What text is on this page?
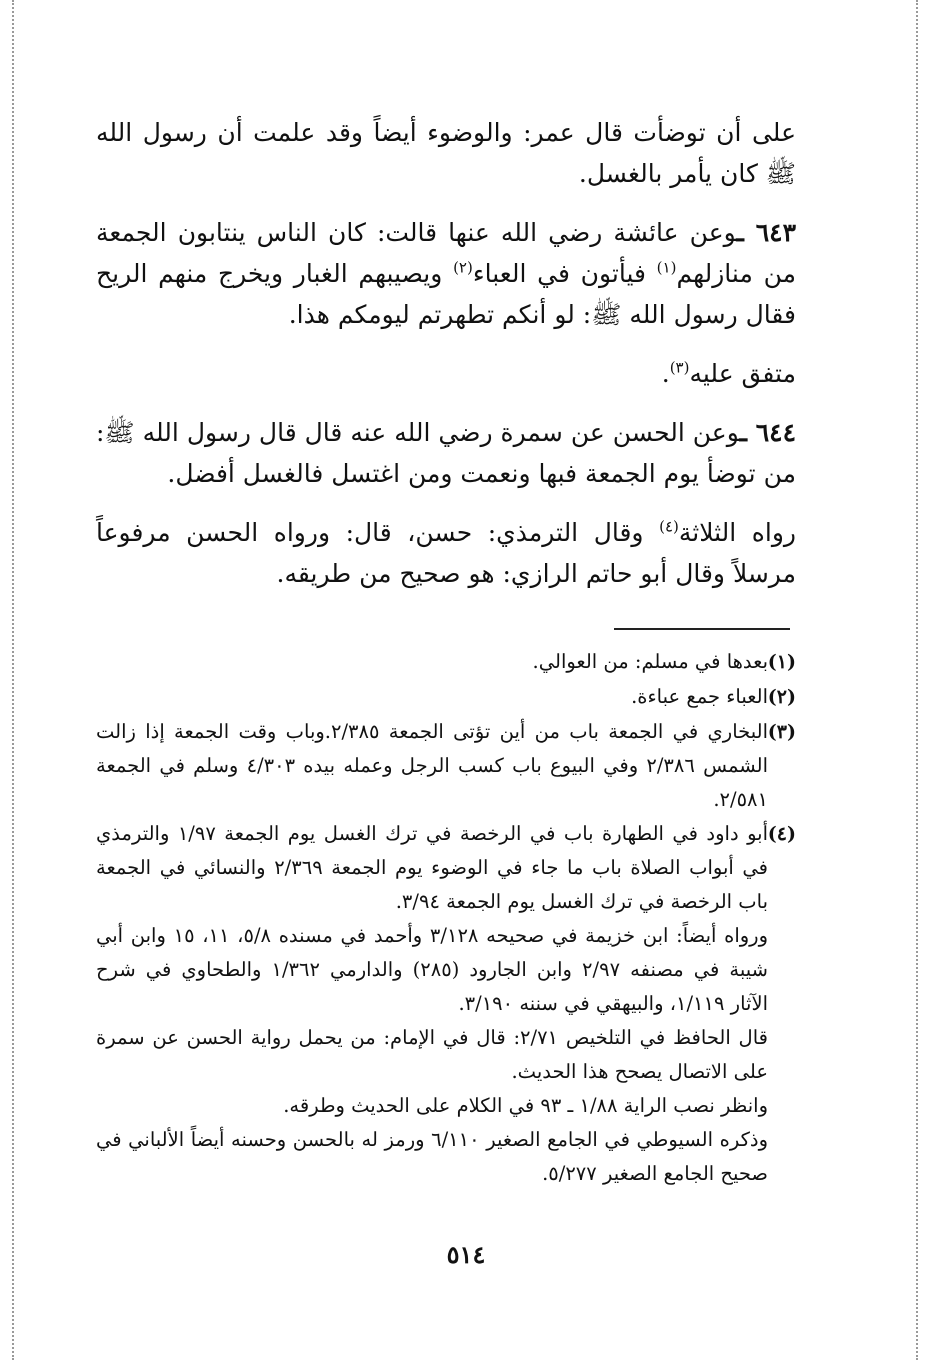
على أن توضأت قال عمر: والوضوء أيضاً وقد علمت أن رسول الله ﷺ كان يأمر بالغسل.

٦٤٣ ـوعن عائشة رضي الله عنها قالت: كان الناس ينتابون الجمعة من منازلهم$^{(١)}$ فيأتون في العباء$^{(٢)}$ ويصيبهم الغبار ويخرج منهم الريح فقال رسول الله ﷺ: لو أنكم تطهرتم ليومكم هذا.

متفق عليه$^{(٣)}$.

٦٤٤ ـوعن الحسن عن سمرة رضي الله عنه قال قال رسول الله ﷺ: من توضأ يوم الجمعة فبها ونعمت ومن اغتسل فالغسل أفضل.

رواه الثلاثة$^{(٤)}$ وقال الترمذي: حسن، قال: ورواه الحسن مرفوعاً مرسلاً وقال أبو حاتم الرازي: هو صحيح من طريقه.

(١)

بعدها في مسلم: من العوالي.

(٢)

العباء جمع عباءة.

(٣)

البخاري في الجمعة باب من أين تؤتى الجمعة ٢/٣٨٥.وباب وقت الجمعة إذا زالت الشمس ٢/٣٨٦ وفي البيوع باب كسب الرجل وعمله بيده ٤/٣٠٣ وسلم في الجمعة ٢/٥٨١.

(٤)

أبو داود في الطهارة باب في الرخصة في ترك الغسل يوم الجمعة ١/٩٧ والترمذي في أبواب الصلاة باب ما جاء في الوضوء يوم الجمعة ٢/٣٦٩ والنسائي في الجمعة باب الرخصة في ترك الغسل يوم الجمعة ٣/٩٤.

ورواه أيضاً: ابن خزيمة في صحيحه ٣/١٢٨ وأحمد في مسنده ٥/٨، ١١، ١٥ وابن أبي شيبة في مصنفه ٢/٩٧ وابن الجارود (٢٨٥) والدارمي ١/٣٦٢ والطحاوي في شرح الآثار ١/١١٩، والبيهقي في سننه ٣/١٩٠.

قال الحافظ في التلخيص ٢/٧١: قال في الإمام: من يحمل رواية الحسن عن سمرة على الاتصال يصحح هذا الحديث.

وانظر نصب الراية ١/٨٨ ـ ٩٣ في الكلام على الحديث وطرقه.

وذكره السيوطي في الجامع الصغير ٦/١١٠ ورمز له بالحسن وحسنه أيضاً الألباني في صحيح الجامع الصغير ٥/٢٧٧.

٥١٤
